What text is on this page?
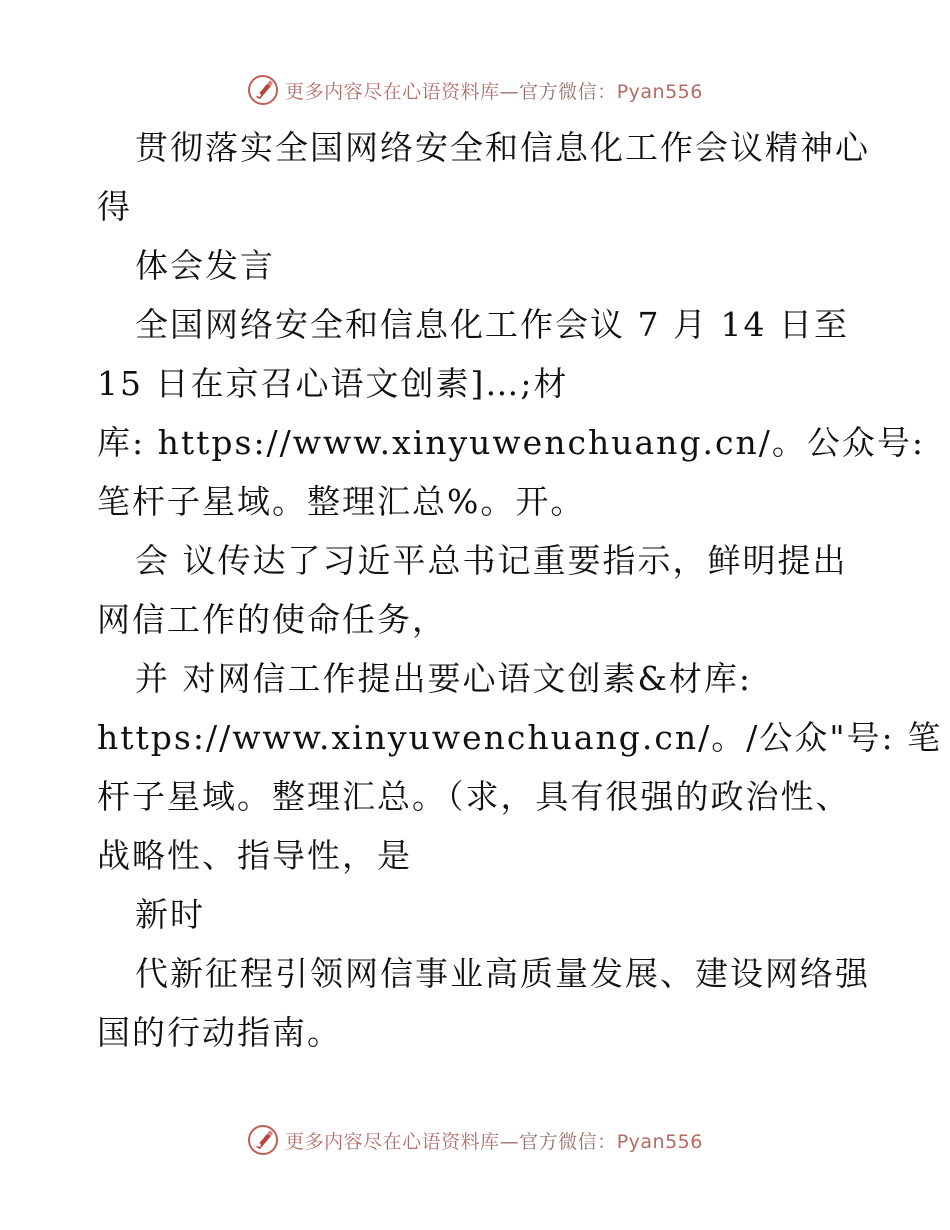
更多内容尽在心语资料库—官方微信：Pyan556
贯彻落实全国网络安全和信息化工作会议精神心
得
体会发言
全国网络安全和信息化工作会议 7 月 14 日至
15 日在京召心语文创素]…;材
库: https://www.xinyuwenchuang.cn/。公众号:
笔杆子星域。整理汇总%。开。
会 议传达了习近平总书记重要指示，鲜明提出
网信工作的使命任务，
并 对网信工作提出要心语文创素&材库:
https://www.xinyuwenchuang.cn/。/公众"号: 笔
杆子星域。整理汇总。（求，具有很强的政治性、
战略性、指导性，是
新时
代新征程引领网信事业高质量发展、建设网络强
国的行动指南。
更多内容尽在心语资料库—官方微信：Pyan556
